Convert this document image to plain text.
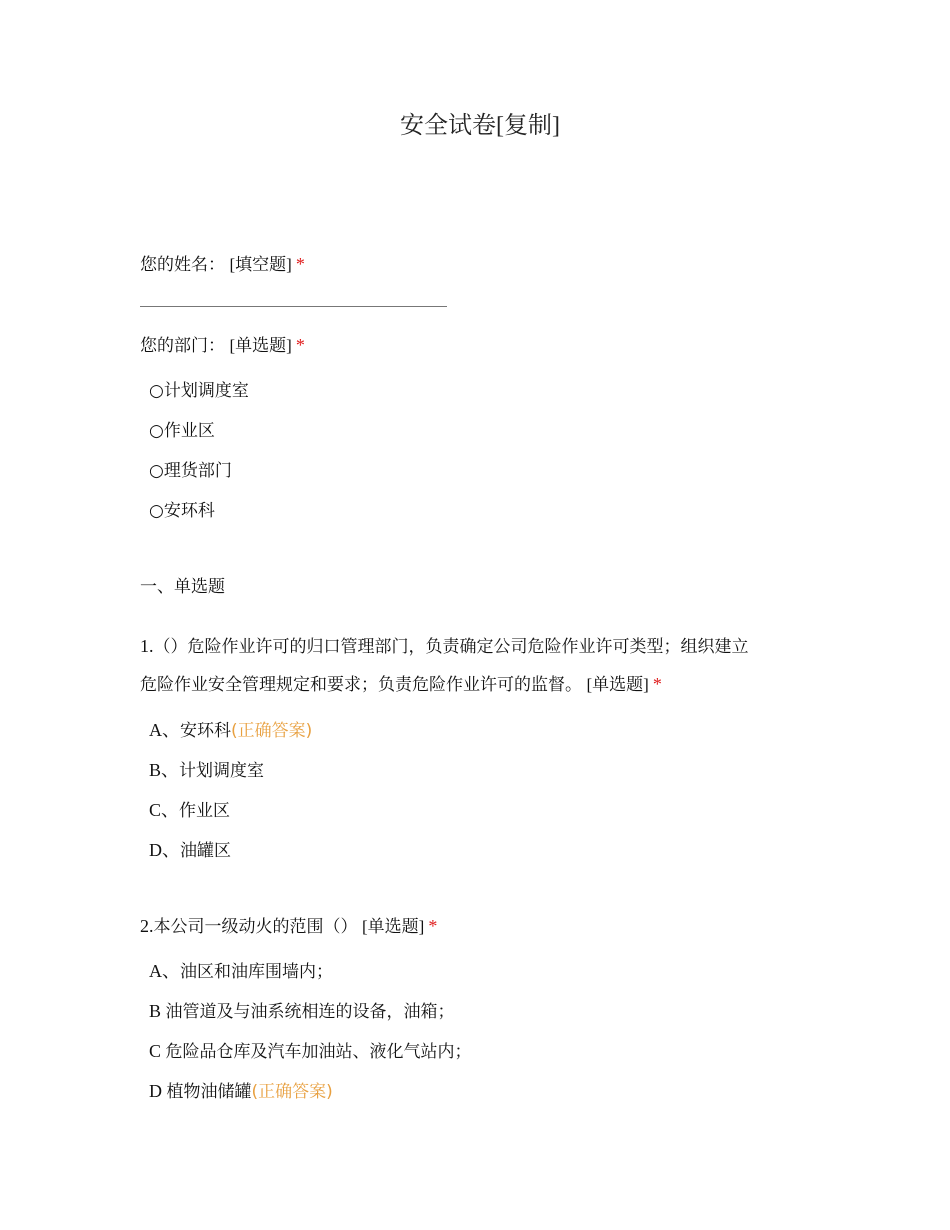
安全试卷[复制]
您的姓名： [填空题] *
您的部门： [单选题] *
○计划调度室
○作业区
○理货部门
○安环科
一、单选题
1.（）危险作业许可的归口管理部门，负责确定公司危险作业许可类型；组织建立
危险作业安全管理规定和要求；负责危险作业许可的监督。 [单选题] *
A、安环科(正确答案)
B、计划调度室
C、作业区
D、油罐区
2.本公司一级动火的范围（） [单选题] *
A、油区和油库围墙内；
B 油管道及与油系统相连的设备，油箱；
C 危险品仓库及汽车加油站、液化气站内；
D 植物油储罐(正确答案)
